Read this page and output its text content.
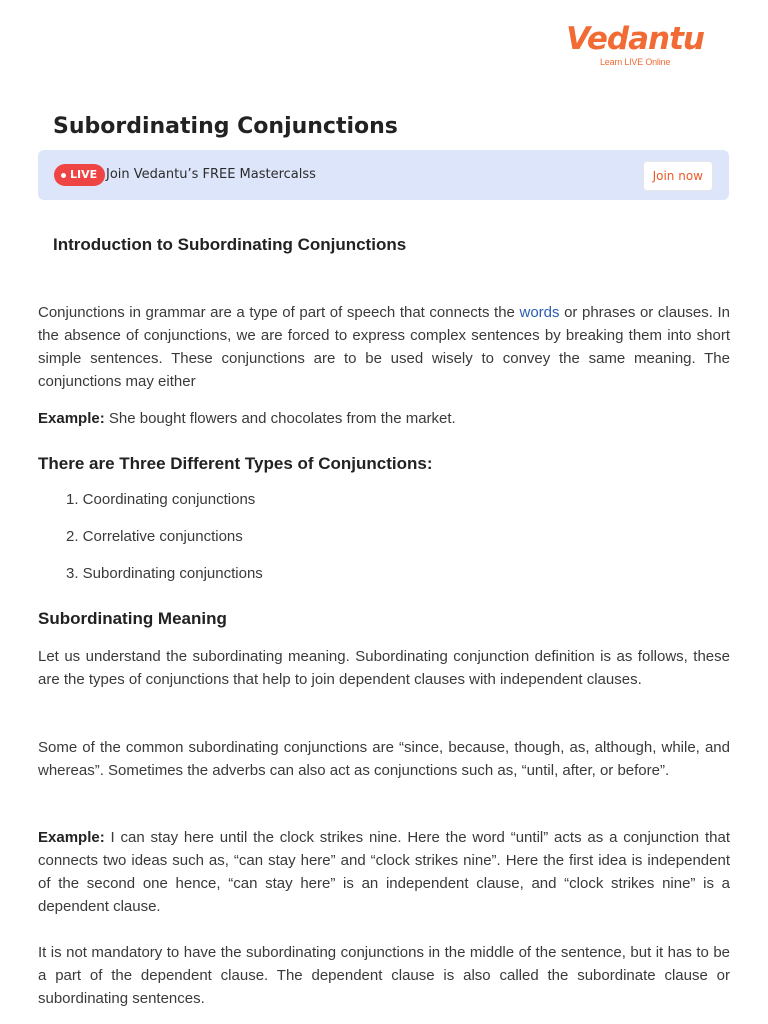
Vedantu
Learn LIVE Online
Subordinating Conjunctions
LIVE Join Vedantu’s FREE Mastercalss	Join now
Introduction to Subordinating Conjunctions

Conjunctions in grammar are a type of part of speech that connects the words or phrases or clauses. In the absence of conjunctions, we are forced to express complex sentences by breaking them into short simple sentences. These conjunctions are to be used wisely to convey the same meaning. The conjunctions may either

Example: She bought flowers and chocolates from the market.

There are Three Different Types of Conjunctions:
1. Coordinating conjunctions
2. Correlative conjunctions
3. Subordinating conjunctions
Subordinating Meaning

Let us understand the subordinating meaning. Subordinating conjunction definition is as follows, these are the types of conjunctions that help to join dependent clauses with independent clauses.

Some of the common subordinating conjunctions are “since, because, though, as, although, while, and whereas”. Sometimes the adverbs can also act as conjunctions such as, “until, after, or before”.

Example: I can stay here until the clock strikes nine. Here the word “until” acts as a conjunction that connects two ideas such as, “can stay here” and “clock strikes nine”. Here the first idea is independent of the second one hence, “can stay here” is an independent clause, and “clock strikes nine” is a dependent clause.

It is not mandatory to have the subordinating conjunctions in the middle of the sentence, but it has to be a part of the dependent clause. The dependent clause is also called the subordinate clause or subordinating sentences.
